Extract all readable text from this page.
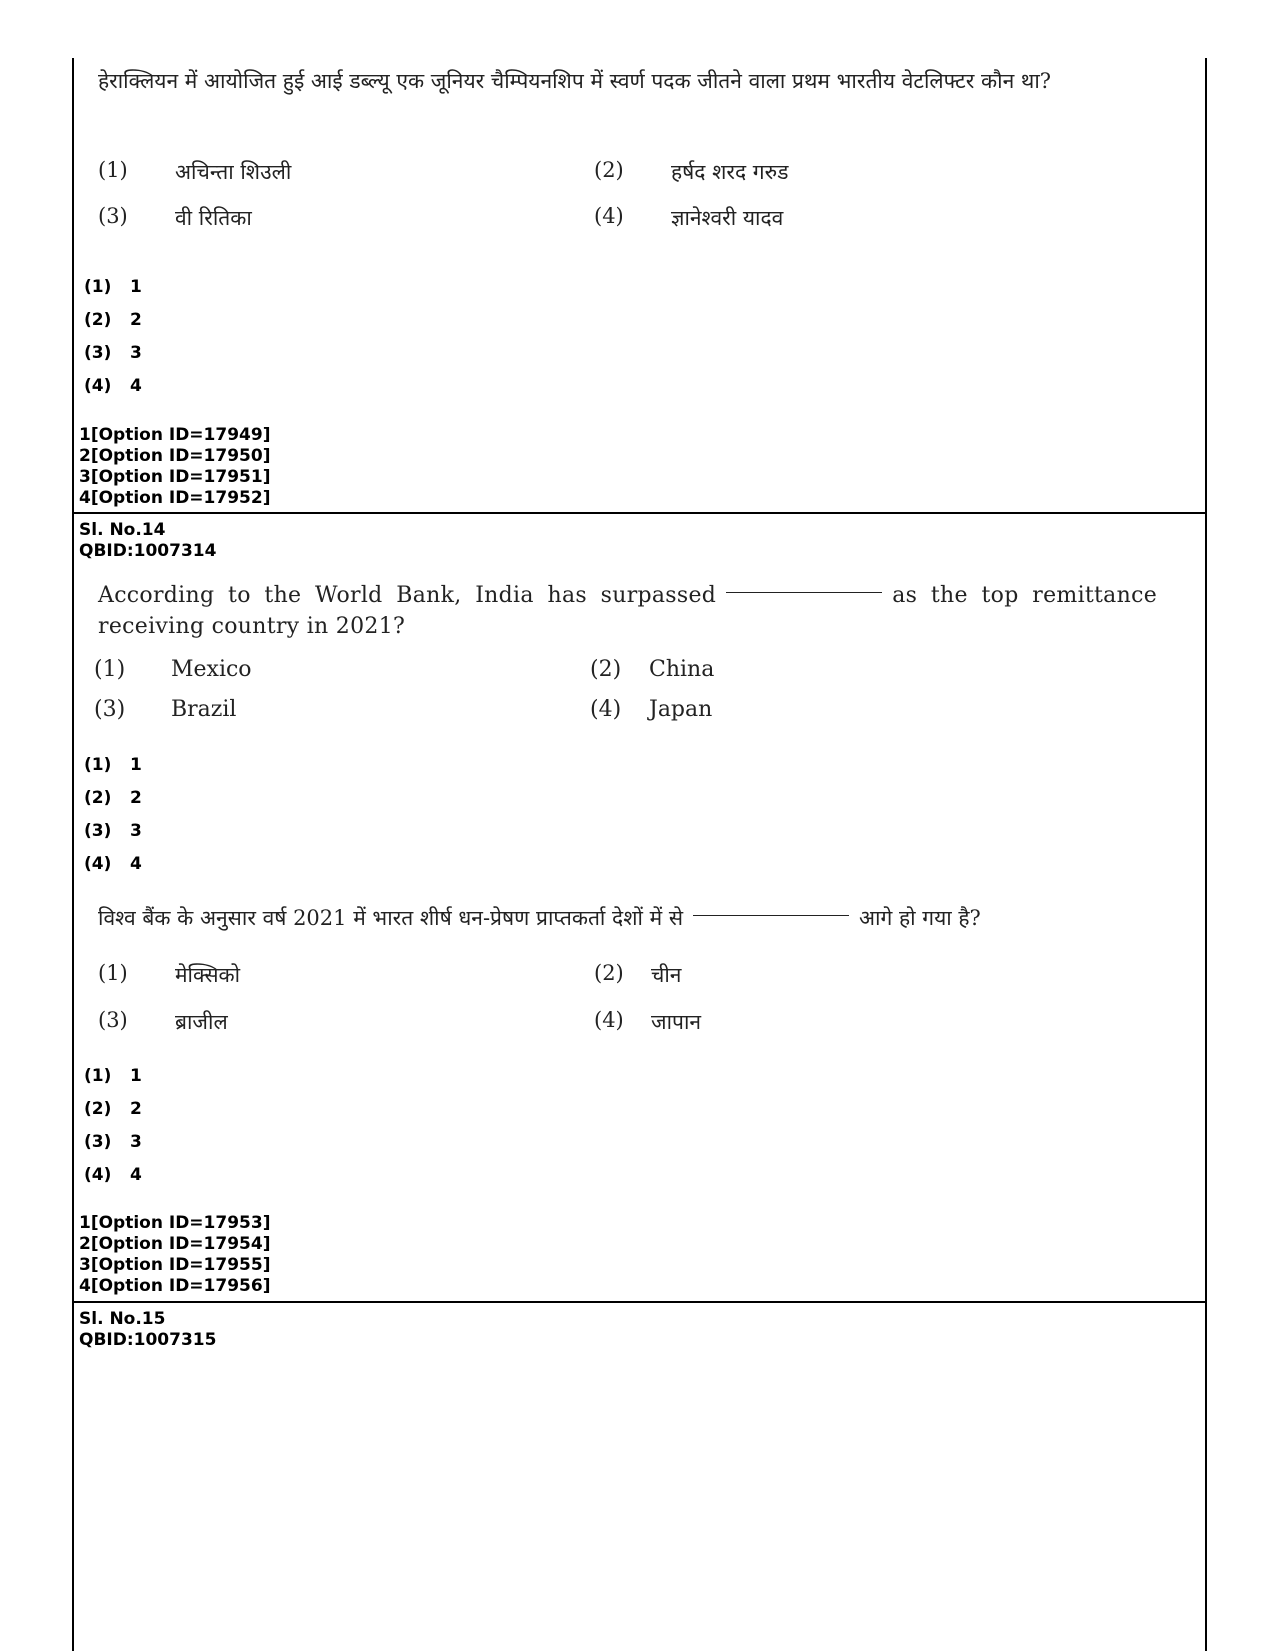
हेराक्लियन में आयोजित हुई आई डब्ल्यू एक जूनियर चैम्पियनशिप में स्वर्ण पदक जीतने वाला प्रथम भारतीय वेटलिफ्टर कौन था?
(1)	अचिन्ता शिउली	(2)	हर्षद शरद गरुड
(3)	वी रितिका	(4)	ज्ञानेश्वरी यादव
(1) 1
(2) 2
(3) 3
(4) 4
1[Option ID=17949]
2[Option ID=17950]
3[Option ID=17951]
4[Option ID=17952]
Sl. No.14
QBID:1007314
According to the World Bank, India has surpassed	as the top remittance receiving country in 2021?
(1)	Mexico	(2)	China
(3)	Brazil	(4)	Japan
(1) 1
(2) 2
(3) 3
(4) 4
विश्व बैंक के अनुसार वर्ष 2021 में भारत शीर्ष धन-प्रेषण प्राप्तकर्ता देशों में से	आगे हो गया है?
(1)	मेक्सिको	(2)	चीन
(3)	ब्राजील	(4)	जापान
(1) 1
(2) 2
(3) 3
(4) 4
1[Option ID=17953]
2[Option ID=17954]
3[Option ID=17955]
4[Option ID=17956]
Sl. No.15
QBID:1007315
